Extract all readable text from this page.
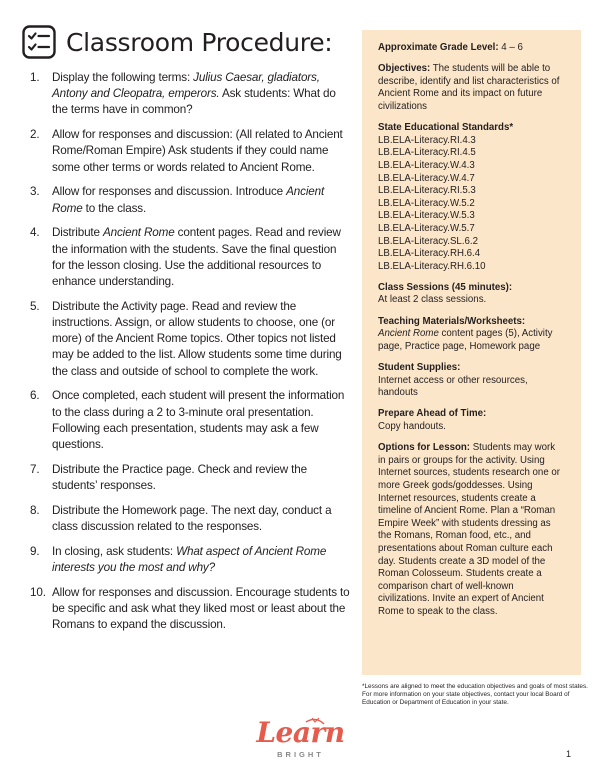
Classroom Procedure:
1.	Display the following terms: Julius Caesar, gladiators, Antony and Cleopatra, emperors. Ask students: What do the terms have in common?
2.	Allow for responses and discussion: (All related to Ancient Rome/Roman Empire) Ask students if they could name some other terms or words related to Ancient Rome.
3.	Allow for responses and discussion. Introduce Ancient Rome to the class.
4.	Distribute Ancient Rome content pages. Read and review the information with the students. Save the final question for the lesson closing. Use the additional resources to enhance understanding.
5.	Distribute the Activity page. Read and review the instructions. Assign, or allow students to choose, one (or more) of the Ancient Rome topics. Other topics not listed may be added to the list. Allow students some time during the class and outside of school to complete the work.
6.	Once completed, each student will present the information to the class during a 2 to 3-minute oral presentation. Following each presentation, students may ask a few questions.
7.	Distribute the Practice page. Check and review the students’ responses.
8.	Distribute the Homework page. The next day, conduct a class discussion related to the responses.
9.	In closing, ask students: What aspect of Ancient Rome interests you the most and why?
10. Allow for responses and discussion. Encourage students to be specific and ask what they liked most or least about the Romans to expand the discussion.
Approximate Grade Level: 4 – 6
Objectives: The students will be able to describe, identify and list characteristics of Ancient Rome and its impact on future civilizations
State Educational Standards*
LB.ELA-Literacy.RI.4.3
LB.ELA-Literacy.RI.4.5
LB.ELA-Literacy.W.4.3
LB.ELA-Literacy.W.4.7
LB.ELA-Literacy.RI.5.3
LB.ELA-Literacy.W.5.2
LB.ELA-Literacy.W.5.3
LB.ELA-Literacy.W.5.7
LB.ELA-Literacy.SL.6.2
LB.ELA-Literacy.RH.6.4
LB.ELA-Literacy.RH.6.10
Class Sessions (45 minutes):
At least 2 class sessions.
Teaching Materials/Worksheets:
Ancient Rome content pages (5), Activity page, Practice page, Homework page
Student Supplies:
Internet access or other resources, handouts
Prepare Ahead of Time:
Copy handouts.
Options for Lesson: Students may work in pairs or groups for the activity. Using Internet sources, students research one or more Greek gods/goddesses. Using Internet resources, students create a timeline of Ancient Rome. Plan a “Roman Empire Week” with students dressing as the Romans, Roman food, etc., and presentations about Roman culture each day. Students create a 3D model of the Roman Colosseum. Students create a comparison chart of well-known civilizations. Invite an expert of Ancient Rome to speak to the class.
*Lessons are aligned to meet the education objectives and goals of most states. For more information on your state objectives, contact your local Board of Education or Department of Education in your state.
Learn
BRIGHT	1
